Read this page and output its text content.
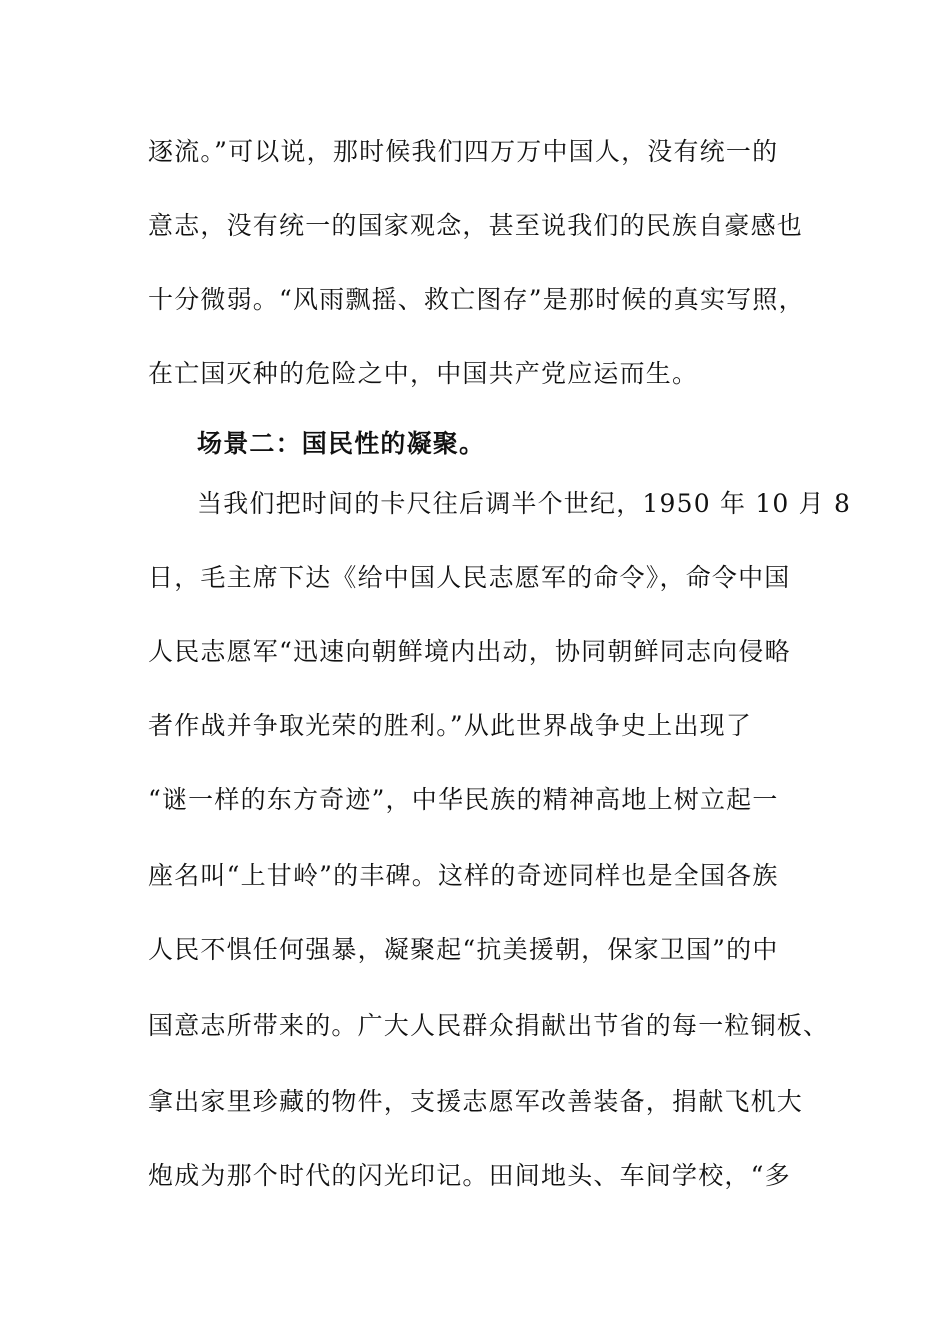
逐流。”可以说，那时候我们四万万中国人，没有统一的
意志，没有统一的国家观念，甚至说我们的民族自豪感也
十分微弱。“风雨飘摇、救亡图存”是那时候的真实写照，
在亡国灭种的危险之中，中国共产党应运而生。
场景二：国民性的凝聚。
当我们把时间的卡尺往后调半个世纪，1950 年 10 月 8
日，毛主席下达《给中国人民志愿军的命令》，命令中国
人民志愿军“迅速向朝鲜境内出动，协同朝鲜同志向侵略
者作战并争取光荣的胜利。”从此世界战争史上出现了
“谜一样的东方奇迹”，中华民族的精神高地上树立起一
座名叫“上甘岭”的丰碑。这样的奇迹同样也是全国各族
人民不惧任何强暴，凝聚起“抗美援朝，保家卫国”的中
国意志所带来的。广大人民群众捐献出节省的每一粒铜板、
拿出家里珍藏的物件，支援志愿军改善装备，捐献飞机大
炮成为那个时代的闪光印记。田间地头、车间学校，“多
